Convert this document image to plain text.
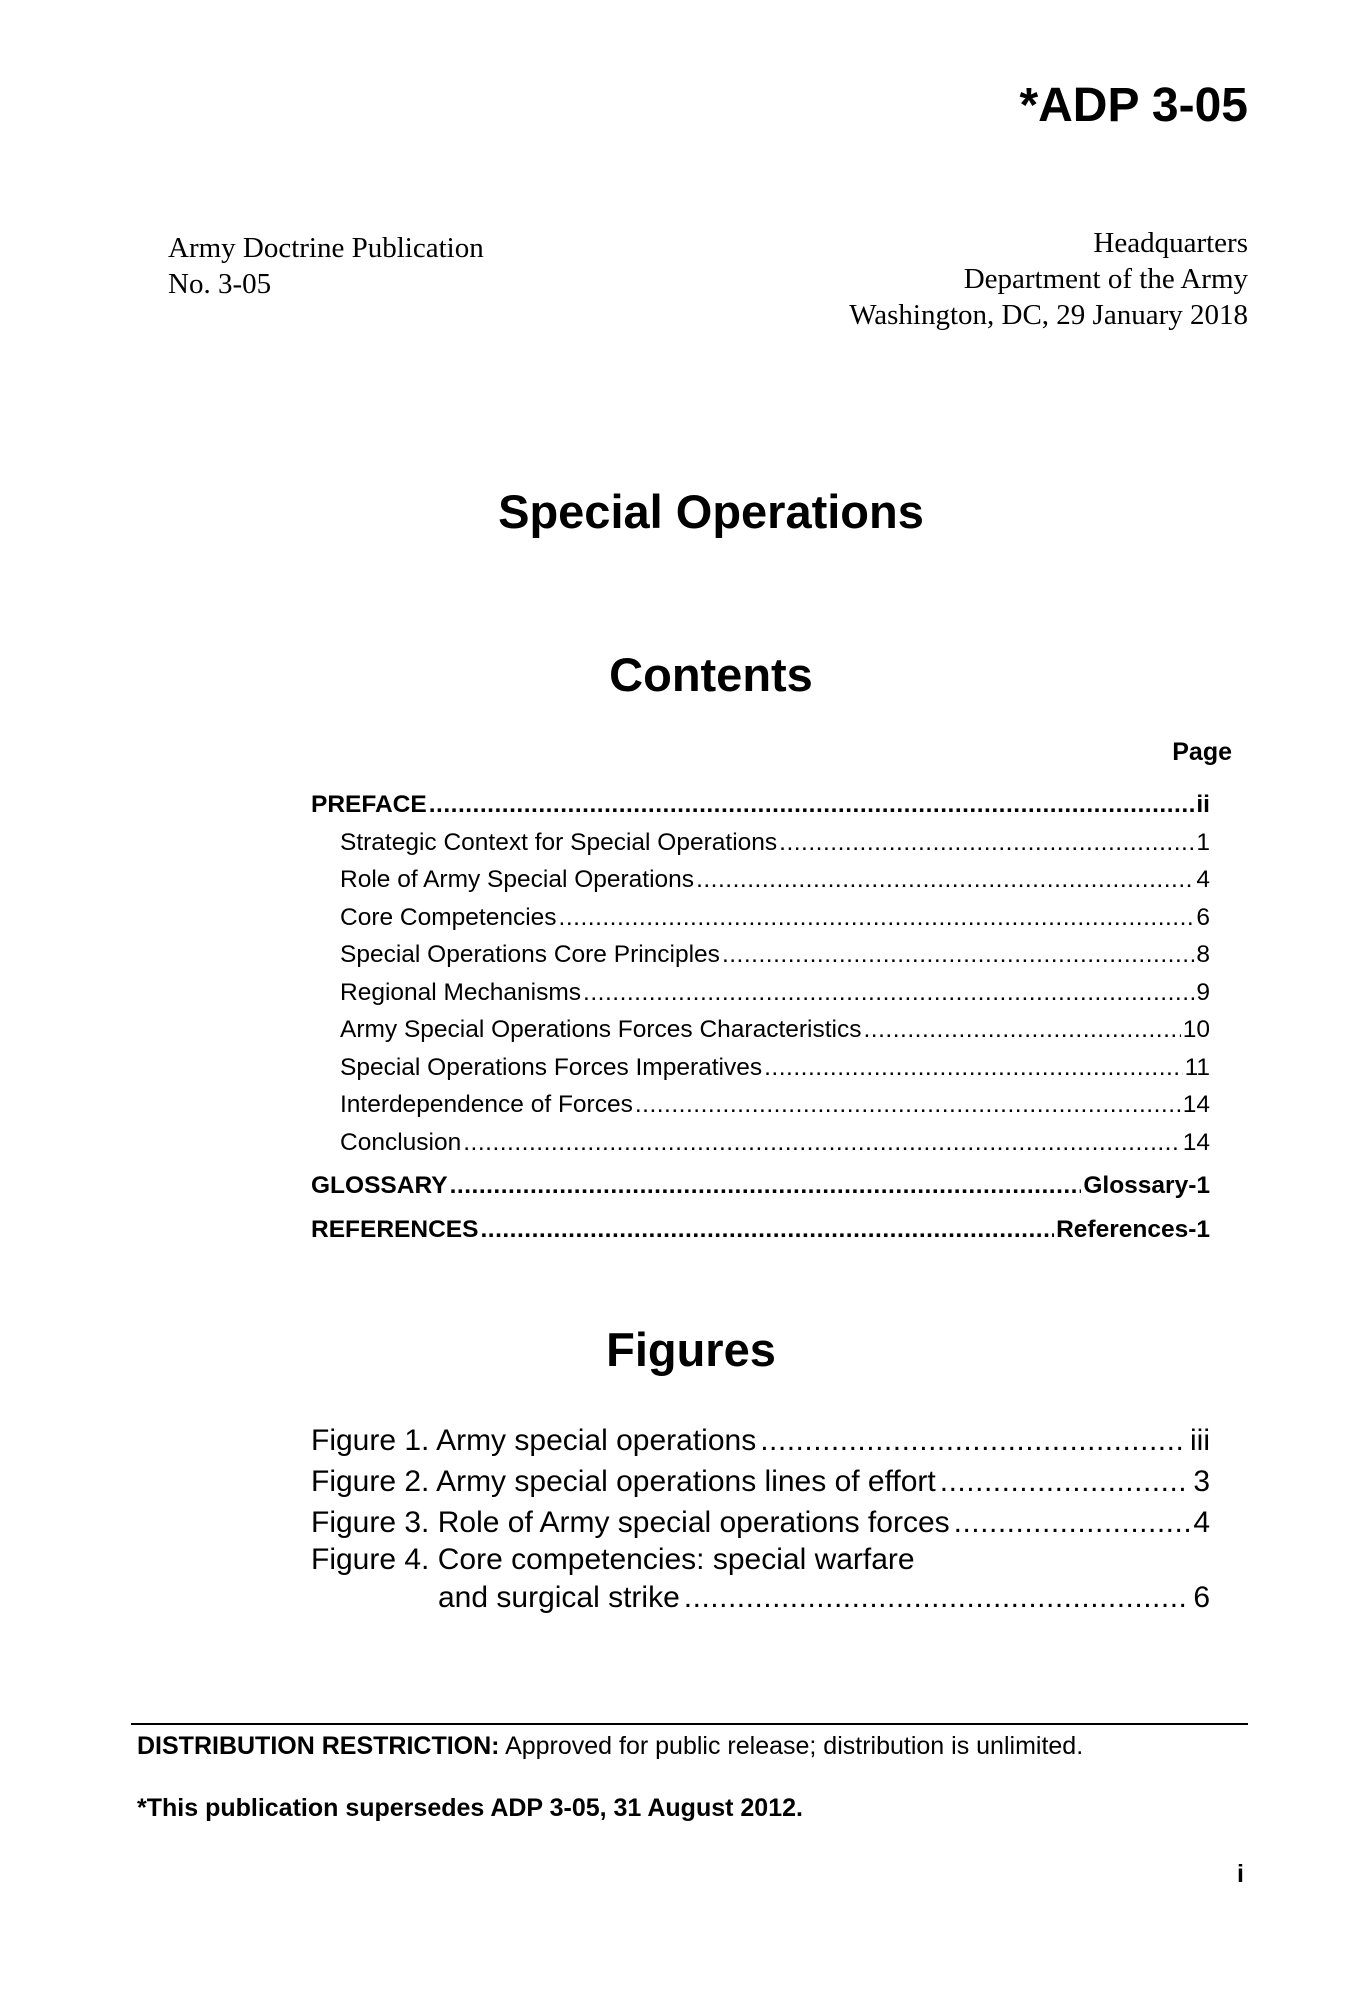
*ADP 3-05
Army Doctrine Publication
No. 3-05
Headquarters
Department of the Army
Washington, DC, 29 January 2018
Special Operations
Contents
Page
PREFACE .....	ii
Strategic Context for Special Operations .....	1
Role of Army Special Operations .....	4
Core Competencies .....	6
Special Operations Core Principles .....	8
Regional Mechanisms .....	9
Army Special Operations Forces Characteristics .....	10
Special Operations Forces Imperatives .....	11
Interdependence of Forces .....	14
Conclusion .....	14
GLOSSARY .....	Glossary-1
REFERENCES .....	References-1
Figures
Figure 1. Army special operations .....	iii
Figure 2. Army special operations lines of effort .....	3
Figure 3. Role of Army special operations forces .....	4
Figure 4. Core competencies: special warfare
and surgical strike .....	6
DISTRIBUTION RESTRICTION: Approved for public release; distribution is unlimited.
*This publication supersedes ADP 3-05, 31 August 2012.
i
